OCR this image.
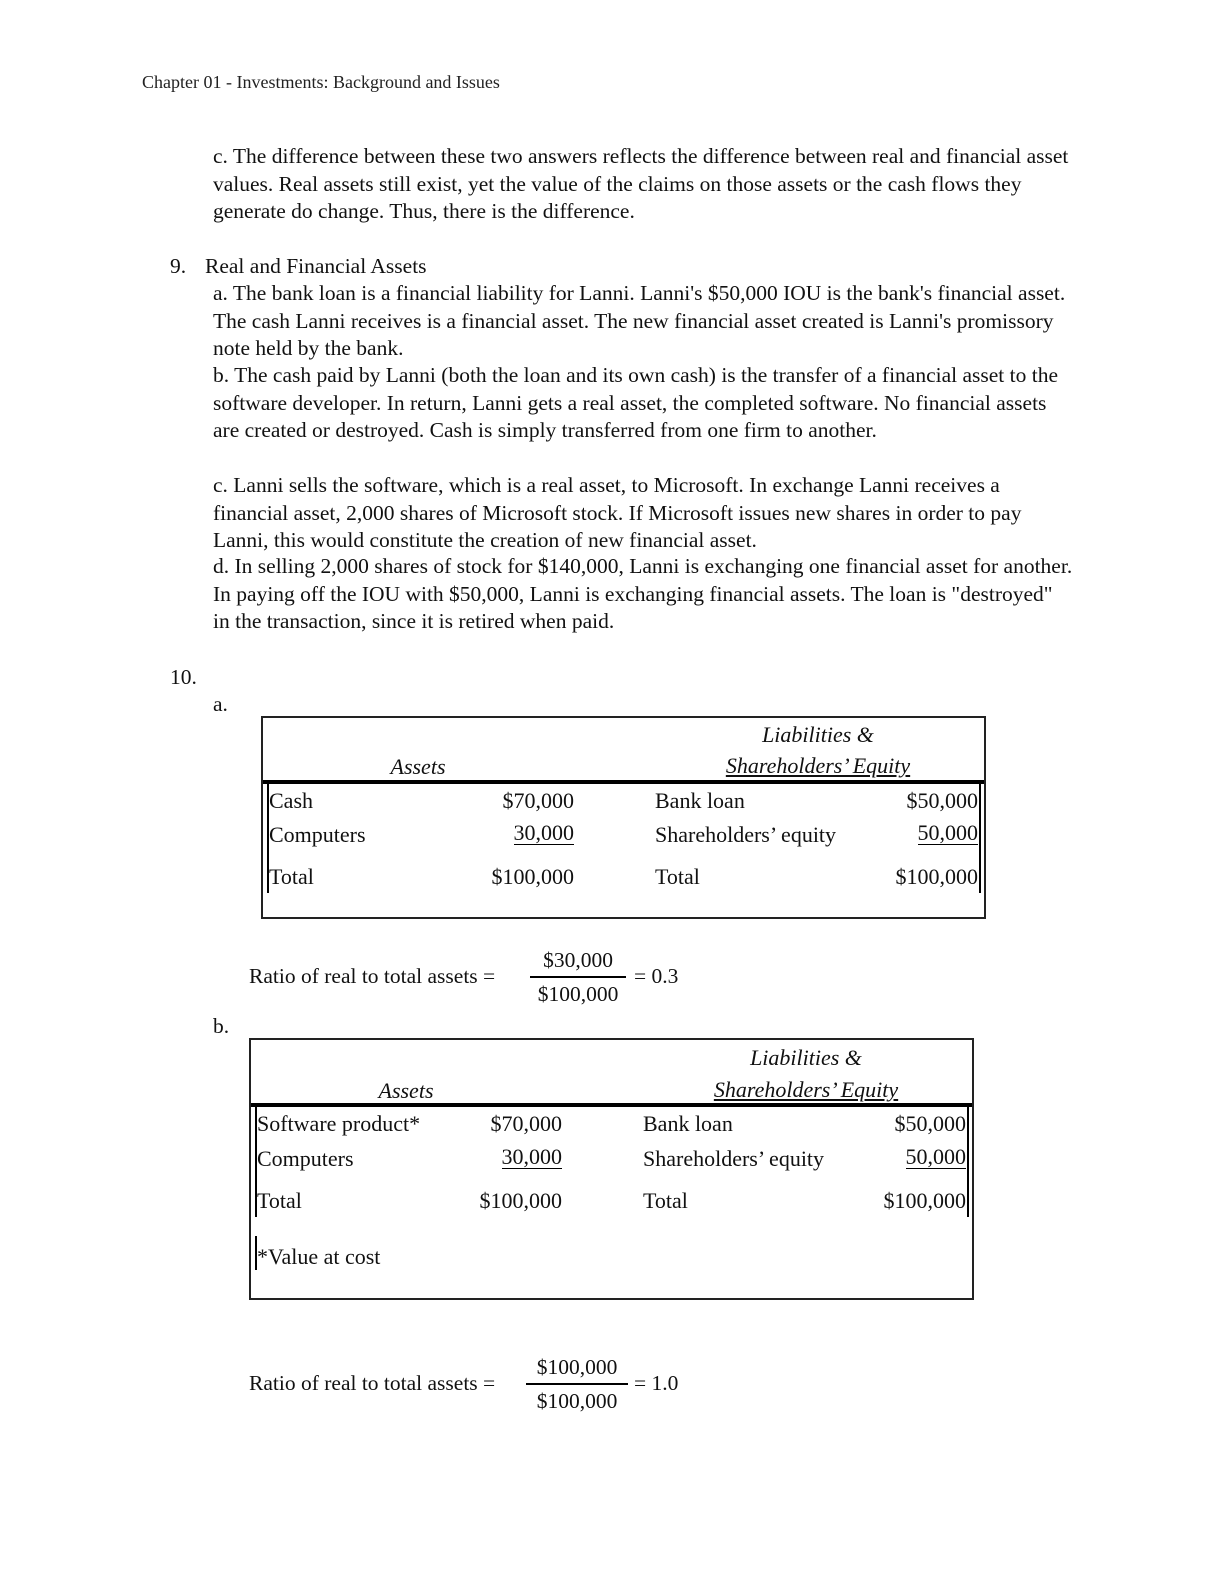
Chapter 01 - Investments: Background and Issues

c. The difference between these two answers reflects the difference between real and financial asset values. Real assets still exist, yet the value of the claims on those assets or the cash flows they generate do change. Thus, there is the difference.

9. Real and Financial Assets

a. The bank loan is a financial liability for Lanni. Lanni's $50,000 IOU is the bank's financial asset. The cash Lanni receives is a financial asset. The new financial asset created is Lanni's promissory note held by the bank.

b. The cash paid by Lanni (both the loan and its own cash) is the transfer of a financial asset to the software developer. In return, Lanni gets a real asset, the completed software. No financial assets are created or destroyed. Cash is simply transferred from one firm to another.

c. Lanni sells the software, which is a real asset, to Microsoft. In exchange Lanni receives a financial asset, 2,000 shares of Microsoft stock. If Microsoft issues new shares in order to pay Lanni, this would constitute the creation of new financial asset.

d. In selling 2,000 shares of stock for $140,000, Lanni is exchanging one financial asset for another. In paying off the IOU with $50,000, Lanni is exchanging financial assets. The loan is "destroyed" in the transaction, since it is retired when paid.

10.
a.
Assets
Liabilities &
Shareholders’ Equity
Cash	$70,000	Bank loan	$50,000
Computers	30,000	Shareholders’ equity	50,000
Total	$100,000	Total	$100,000
Ratio of real to total assets =
$30,000
$100,000
= 0.3
b.
Assets
Liabilities &
Shareholders’ Equity
Software product*	$70,000	Bank loan	$50,000
Computers	30,000	Shareholders’ equity	50,000
Total	$100,000	Total	$100,000
*Value at cost
Ratio of real to total assets =
$100,000
$100,000
= 1.0
